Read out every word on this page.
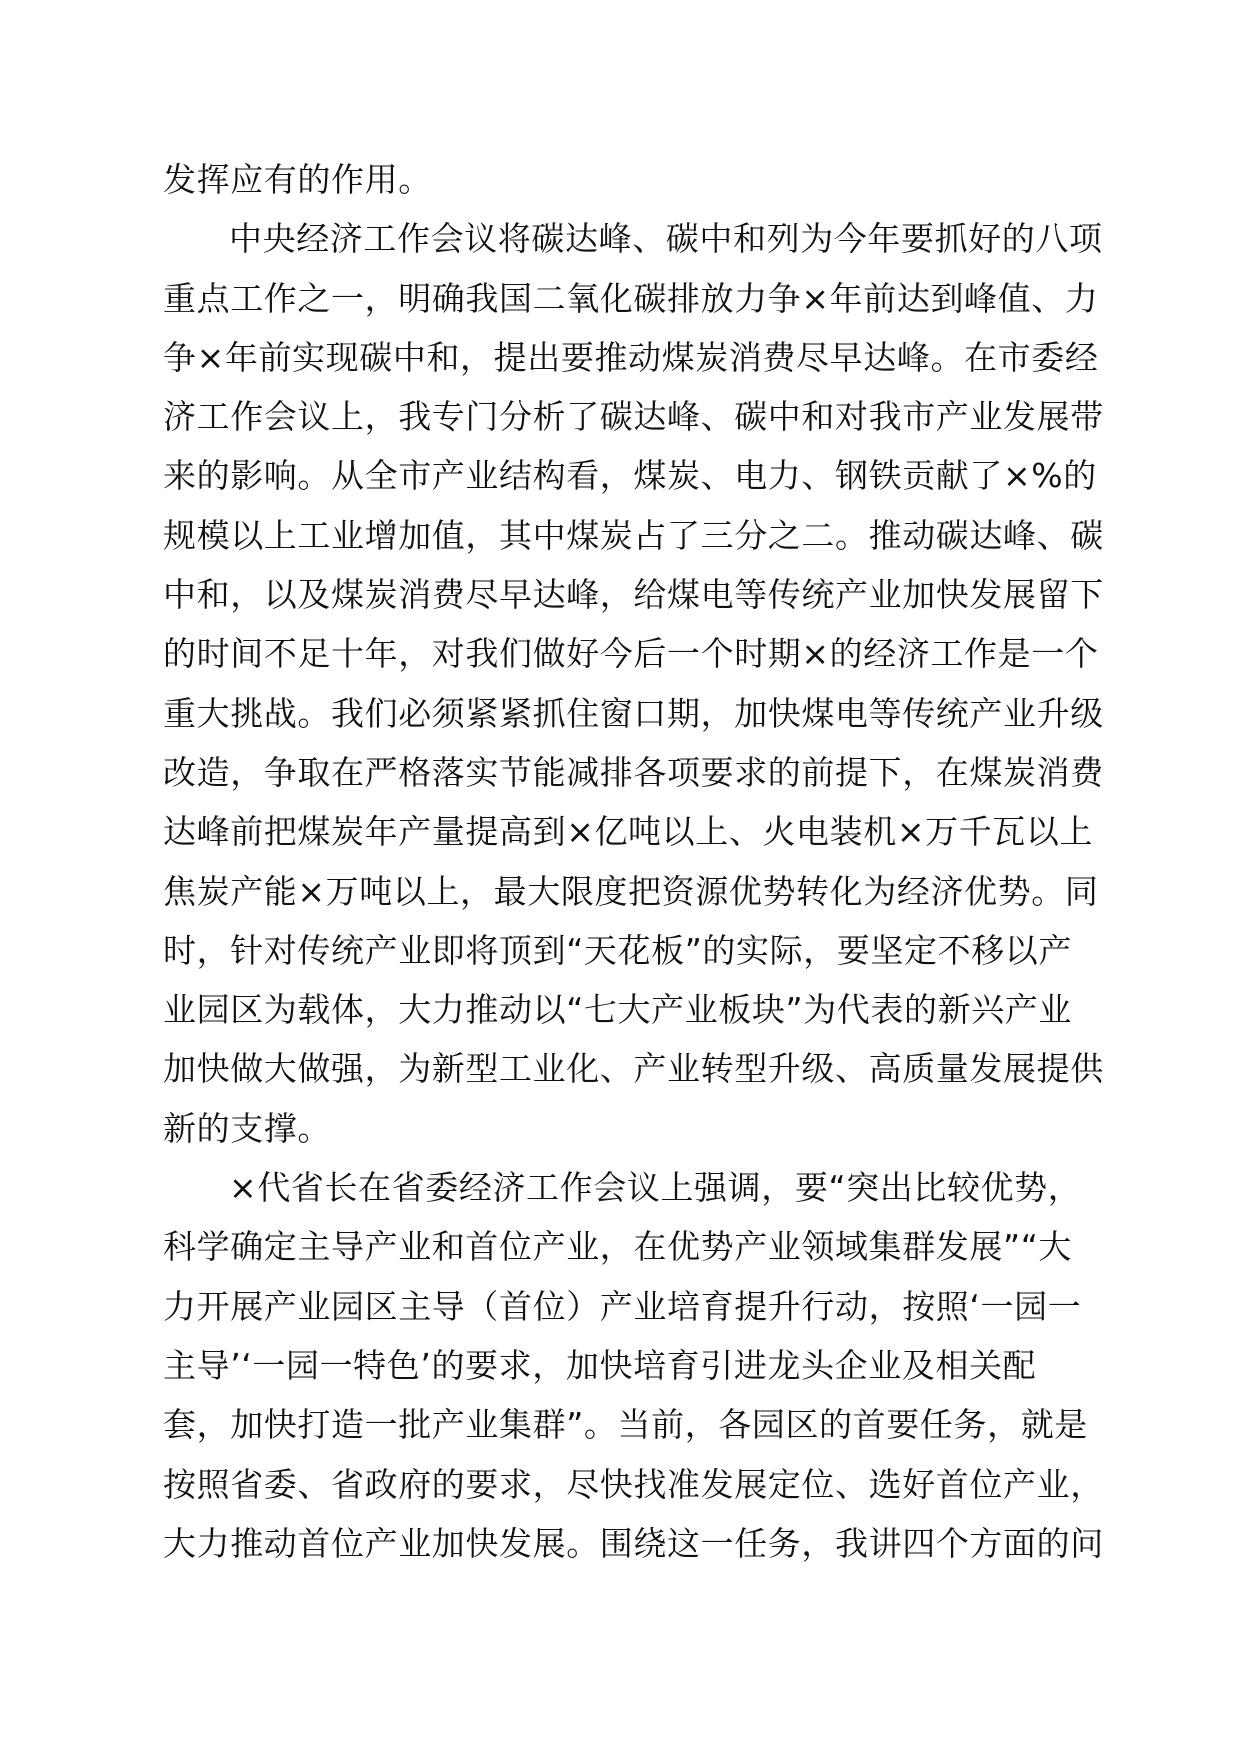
发挥应有的作用。
中央经济工作会议将碳达峰、碳中和列为今年要抓好的八项
重点工作之一，明确我国二氧化碳排放力争×年前达到峰值、力
争×年前实现碳中和，提出要推动煤炭消费尽早达峰。在市委经
济工作会议上，我专门分析了碳达峰、碳中和对我市产业发展带
来的影响。从全市产业结构看，煤炭、电力、钢铁贡献了×%的
规模以上工业增加值，其中煤炭占了三分之二。推动碳达峰、碳
中和，以及煤炭消费尽早达峰，给煤电等传统产业加快发展留下
的时间不足十年，对我们做好今后一个时期×的经济工作是一个
重大挑战。我们必须紧紧抓住窗口期，加快煤电等传统产业升级
改造，争取在严格落实节能减排各项要求的前提下，在煤炭消费
达峰前把煤炭年产量提高到×亿吨以上、火电装机×万千瓦以上
焦炭产能×万吨以上，最大限度把资源优势转化为经济优势。同
时，针对传统产业即将顶到“天花板”的实际，要坚定不移以产
业园区为载体，大力推动以“七大产业板块”为代表的新兴产业
加快做大做强，为新型工业化、产业转型升级、高质量发展提供
新的支撑。
×代省长在省委经济工作会议上强调，要“突出比较优势，
科学确定主导产业和首位产业，在优势产业领域集群发展”“大
力开展产业园区主导（首位）产业培育提升行动，按照‘一园一
主导’‘一园一特色’的要求，加快培育引进龙头企业及相关配
套，加快打造一批产业集群”。当前，各园区的首要任务，就是
按照省委、省政府的要求，尽快找准发展定位、选好首位产业，
大力推动首位产业加快发展。围绕这一任务，我讲四个方面的问
